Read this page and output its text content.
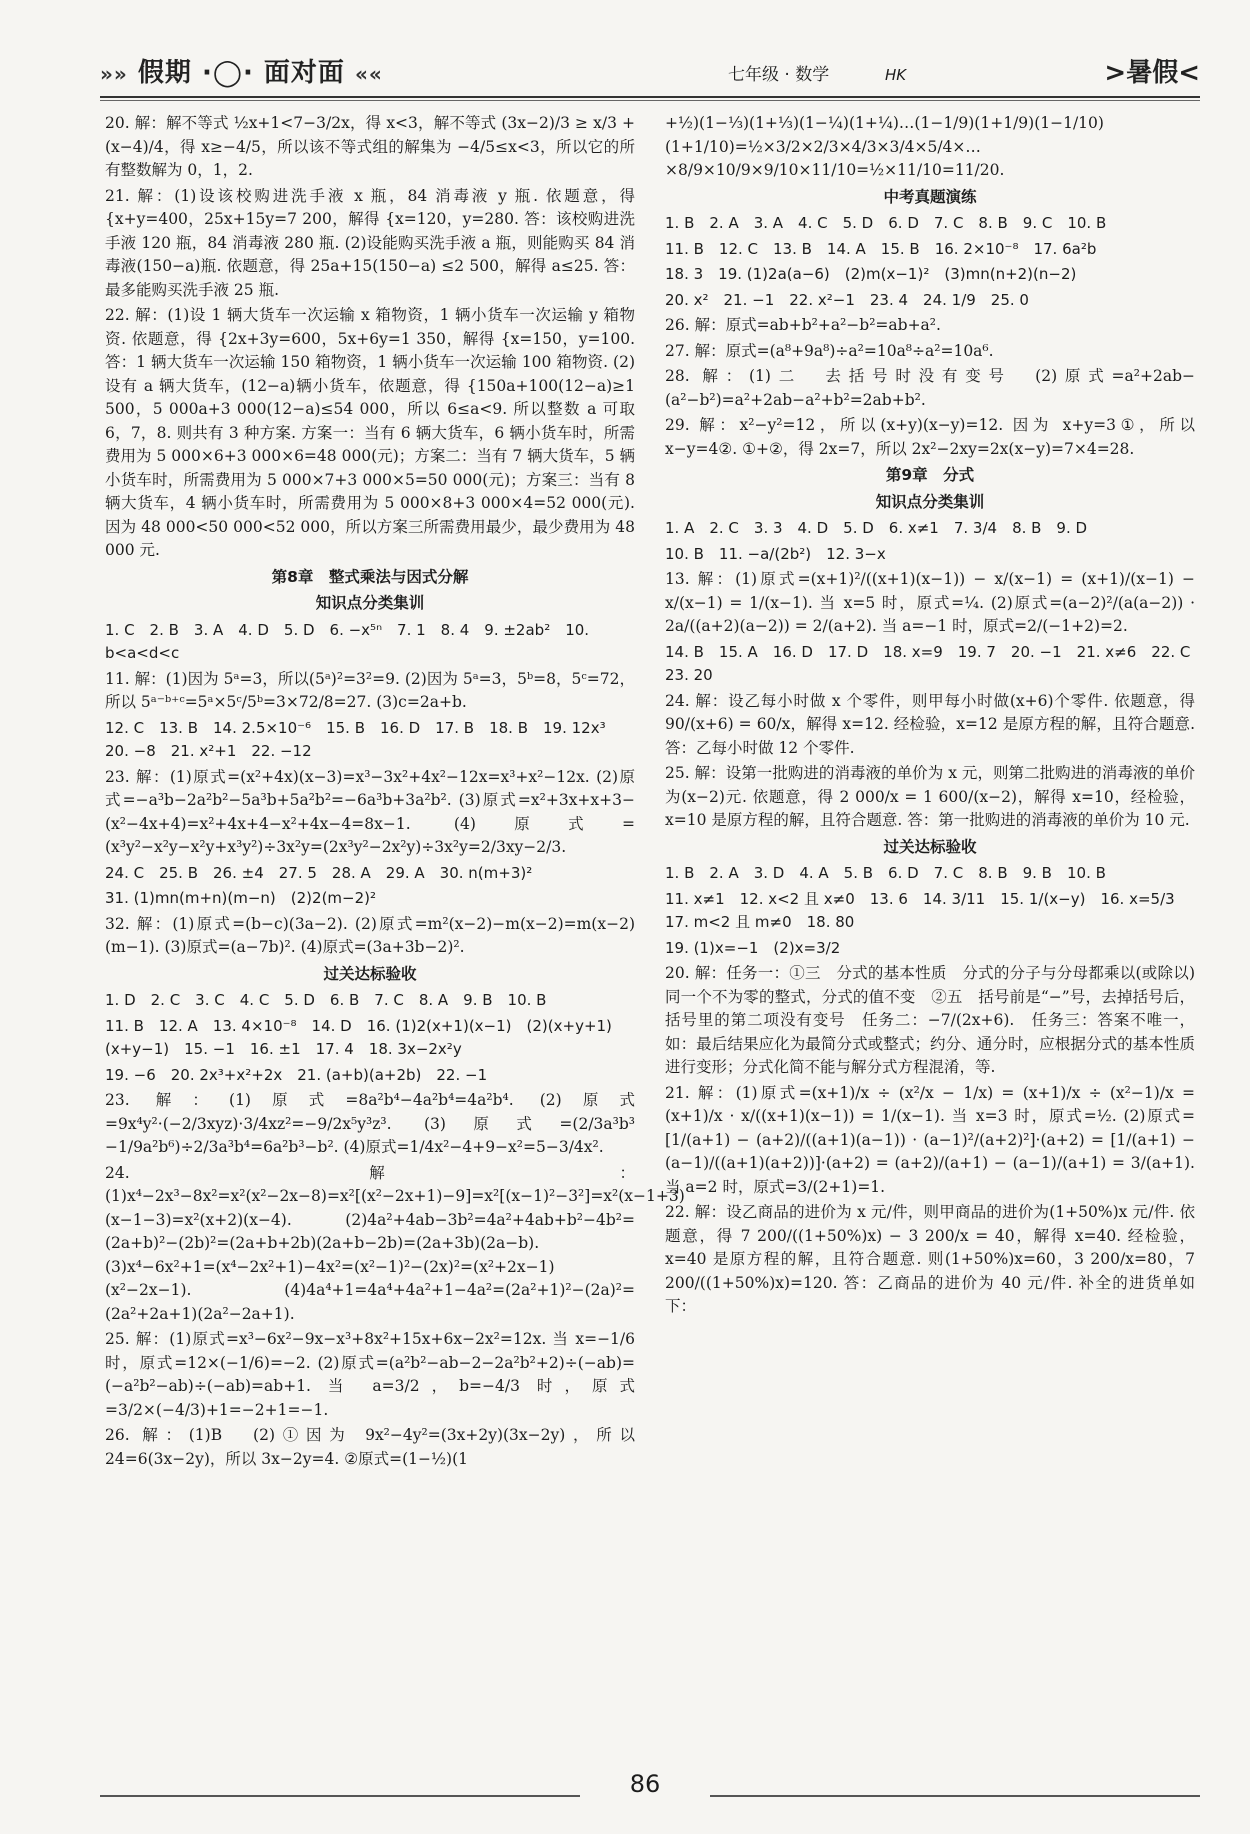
»» 假期 ·◯· 面对面 ««	七年级 · 数学	HK	>暑假<

20. 解：解不等式 ½x+1<7−3/2x，得 x<3，解不等式 (3x−2)/3 ≥ x/3 + (x−4)/4，得 x≥−4/5，所以该不等式组的解集为 −4/5≤x<3，所以它的所有整数解为 0，1，2.

21. 解：(1)设该校购进洗手液 x 瓶，84 消毒液 y 瓶. 依题意，得 {x+y=400，25x+15y=7 200，解得 {x=120，y=280. 答：该校购进洗手液 120 瓶，84 消毒液 280 瓶. (2)设能购买洗手液 a 瓶，则能购买 84 消毒液(150−a)瓶. 依题意，得 25a+15(150−a) ≤2 500，解得 a≤25. 答：最多能购买洗手液 25 瓶.

22. 解：(1)设 1 辆大货车一次运输 x 箱物资，1 辆小货车一次运输 y 箱物资. 依题意，得 {2x+3y=600，5x+6y=1 350，解得 {x=150，y=100. 答：1 辆大货车一次运输 150 箱物资，1 辆小货车一次运输 100 箱物资. (2)设有 a 辆大货车，(12−a)辆小货车，依题意，得 {150a+100(12−a)≥1 500，5 000a+3 000(12−a)≤54 000，所以 6≤a<9. 所以整数 a 可取 6，7，8. 则共有 3 种方案. 方案一：当有 6 辆大货车，6 辆小货车时，所需费用为 5 000×6+3 000×6=48 000(元)；方案二：当有 7 辆大货车，5 辆小货车时，所需费用为 5 000×7+3 000×5=50 000(元)；方案三：当有 8 辆大货车，4 辆小货车时，所需费用为 5 000×8+3 000×4=52 000(元). 因为 48 000<50 000<52 000，所以方案三所需费用最少，最少费用为 48 000 元.

第8章　整式乘法与因式分解
知识点分类集训

1. C　2. B　3. A　4. D　5. D　6. −x⁵ⁿ　7. 1　8. 4　9. ±2ab²　10. b<a<d<c

11. 解：(1)因为 5ᵃ=3，所以(5ᵃ)²=3²=9. (2)因为 5ᵃ=3，5ᵇ=8，5ᶜ=72，所以 5ᵃ⁻ᵇ⁺ᶜ=5ᵃ×5ᶜ/5ᵇ=3×72/8=27. (3)c=2a+b.

12. C　13. B　14. 2.5×10⁻⁶　15. B　16. D　17. B　18. B　19. 12x³　20. −8　21. x²+1　22. −12

23. 解：(1)原式=(x²+4x)(x−3)=x³−3x²+4x²−12x=x³+x²−12x. (2)原式=−a³b−2a²b²−5a³b+5a²b²=−6a³b+3a²b². (3)原式=x²+3x+x+3−(x²−4x+4)=x²+4x+4−x²+4x−4=8x−1. (4)原式=(x³y²−x²y−x²y+x³y²)÷3x²y=(2x³y²−2x²y)÷3x²y=2/3xy−2/3.

24. C　25. B　26. ±4　27. 5　28. A　29. A　30. n(m+3)²

31. (1)mn(m+n)(m−n)　(2)2(m−2)²

32. 解：(1)原式=(b−c)(3a−2). (2)原式=m²(x−2)−m(x−2)=m(x−2)(m−1). (3)原式=(a−7b)². (4)原式=(3a+3b−2)².

过关达标验收

1. D　2. C　3. C　4. C　5. D　6. B　7. C　8. A　9. B　10. B

11. B　12. A　13. 4×10⁻⁸　14. D　16. (1)2(x+1)(x−1)　(2)(x+y+1)(x+y−1)　15. −1　16. ±1　17. 4　18. 3x−2x²y

19. −6　20. 2x³+x²+2x　21. (a+b)(a+2b)　22. −1

23. 解：(1)原式=8a²b⁴−4a²b⁴=4a²b⁴. (2)原式=9x⁴y²·(−2/3xyz)·3/4xz²=−9/2x⁵y³z³. (3)原式=(2/3a³b³ −1/9a²b⁶)÷2/3a³b⁴=6a²b³−b². (4)原式=1/4x²−4+9−x²=5−3/4x².

24. 解：(1)x⁴−2x³−8x²=x²(x²−2x−8)=x²[(x²−2x+1)−9]=x²[(x−1)²−3²]=x²(x−1+3)(x−1−3)=x²(x+2)(x−4). (2)4a²+4ab−3b²=4a²+4ab+b²−4b²=(2a+b)²−(2b)²=(2a+b+2b)(2a+b−2b)=(2a+3b)(2a−b). (3)x⁴−6x²+1=(x⁴−2x²+1)−4x²=(x²−1)²−(2x)²=(x²+2x−1)(x²−2x−1). (4)4a⁴+1=4a⁴+4a²+1−4a²=(2a²+1)²−(2a)²=(2a²+2a+1)(2a²−2a+1).

25. 解：(1)原式=x³−6x²−9x−x³+8x²+15x+6x−2x²=12x. 当 x=−1/6 时，原式=12×(−1/6)=−2. (2)原式=(a²b²−ab−2−2a²b²+2)÷(−ab)=(−a²b²−ab)÷(−ab)=ab+1. 当 a=3/2，b=−4/3 时，原式=3/2×(−4/3)+1=−2+1=−1.

26. 解：(1)B　(2)①因为 9x²−4y²=(3x+2y)(3x−2y)，所以 24=6(3x−2y)，所以 3x−2y=4. ②原式=(1−½)(1

+½)(1−⅓)(1+⅓)(1−¼)(1+¼)…(1−1/9)(1+1/9)(1−1/10)(1+1/10)=½×3/2×2/3×4/3×3/4×5/4×…×8/9×10/9×9/10×11/10=½×11/10=11/20.

中考真题演练

1. B　2. A　3. A　4. C　5. D　6. D　7. C　8. B　9. C　10. B

11. B　12. C　13. B　14. A　15. B　16. 2×10⁻⁸　17. 6a²b

18. 3　19. (1)2a(a−6)　(2)m(x−1)²　(3)mn(n+2)(n−2)

20. x²　21. −1　22. x²−1　23. 4　24. 1/9　25. 0

26. 解：原式=ab+b²+a²−b²=ab+a².

27. 解：原式=(a⁸+9a⁸)÷a²=10a⁸÷a²=10a⁶.

28. 解：(1)二　去括号时没有变号　(2)原式=a²+2ab−(a²−b²)=a²+2ab−a²+b²=2ab+b².

29. 解：x²−y²=12，所以(x+y)(x−y)=12. 因为 x+y=3①，所以 x−y=4②. ①+②，得 2x=7，所以 2x²−2xy=2x(x−y)=7×4=28.

第9章　分式
知识点分类集训

1. A　2. C　3. 3　4. D　5. D　6. x≠1　7. 3/4　8. B　9. D

10. B　11. −a/(2b²)　12. 3−x

13. 解：(1)原式=(x+1)²/((x+1)(x−1)) − x/(x−1) = (x+1)/(x−1) − x/(x−1) = 1/(x−1). 当 x=5 时，原式=¼. (2)原式=(a−2)²/(a(a−2)) · 2a/((a+2)(a−2)) = 2/(a+2). 当 a=−1 时，原式=2/(−1+2)=2.

14. B　15. A　16. D　17. D　18. x=9　19. 7　20. −1　21. x≠6　22. C　23. 20

24. 解：设乙每小时做 x 个零件，则甲每小时做(x+6)个零件. 依题意，得 90/(x+6) = 60/x，解得 x=12. 经检验，x=12 是原方程的解，且符合题意. 答：乙每小时做 12 个零件.

25. 解：设第一批购进的消毒液的单价为 x 元，则第二批购进的消毒液的单价为(x−2)元. 依题意，得 2 000/x = 1 600/(x−2)，解得 x=10，经检验，x=10 是原方程的解，且符合题意. 答：第一批购进的消毒液的单价为 10 元.

过关达标验收

1. B　2. A　3. D　4. A　5. B　6. D　7. C　8. B　9. B　10. B

11. x≠1　12. x<2 且 x≠0　13. 6　14. 3/11　15. 1/(x−y)　16. x=5/3　17. m<2 且 m≠0　18. 80

19. (1)x=−1　(2)x=3/2

20. 解：任务一：①三　分式的基本性质　分式的分子与分母都乘以(或除以)同一个不为零的整式，分式的值不变　②五　括号前是“−”号，去掉括号后，括号里的第二项没有变号　任务二：−7/(2x+6).　任务三：答案不唯一，如：最后结果应化为最简分式或整式；约分、通分时，应根据分式的基本性质进行变形；分式化简不能与解分式方程混淆，等.

21. 解：(1)原式=(x+1)/x ÷ (x²/x − 1/x) = (x+1)/x ÷ (x²−1)/x = (x+1)/x · x/((x+1)(x−1)) = 1/(x−1). 当 x=3 时，原式=½. (2)原式=[1/(a+1) − (a+2)/((a+1)(a−1)) · (a−1)²/(a+2)²]·(a+2) = [1/(a+1) − (a−1)/((a+1)(a+2))]·(a+2) = (a+2)/(a+1) − (a−1)/(a+1) = 3/(a+1). 当 a=2 时，原式=3/(2+1)=1.

22. 解：设乙商品的进价为 x 元/件，则甲商品的进价为(1+50%)x 元/件. 依题意，得 7 200/((1+50%)x) − 3 200/x = 40，解得 x=40. 经检验，x=40 是原方程的解，且符合题意. 则(1+50%)x=60，3 200/x=80，7 200/((1+50%)x)=120. 答：乙商品的进价为 40 元/件. 补全的进货单如下：

86
